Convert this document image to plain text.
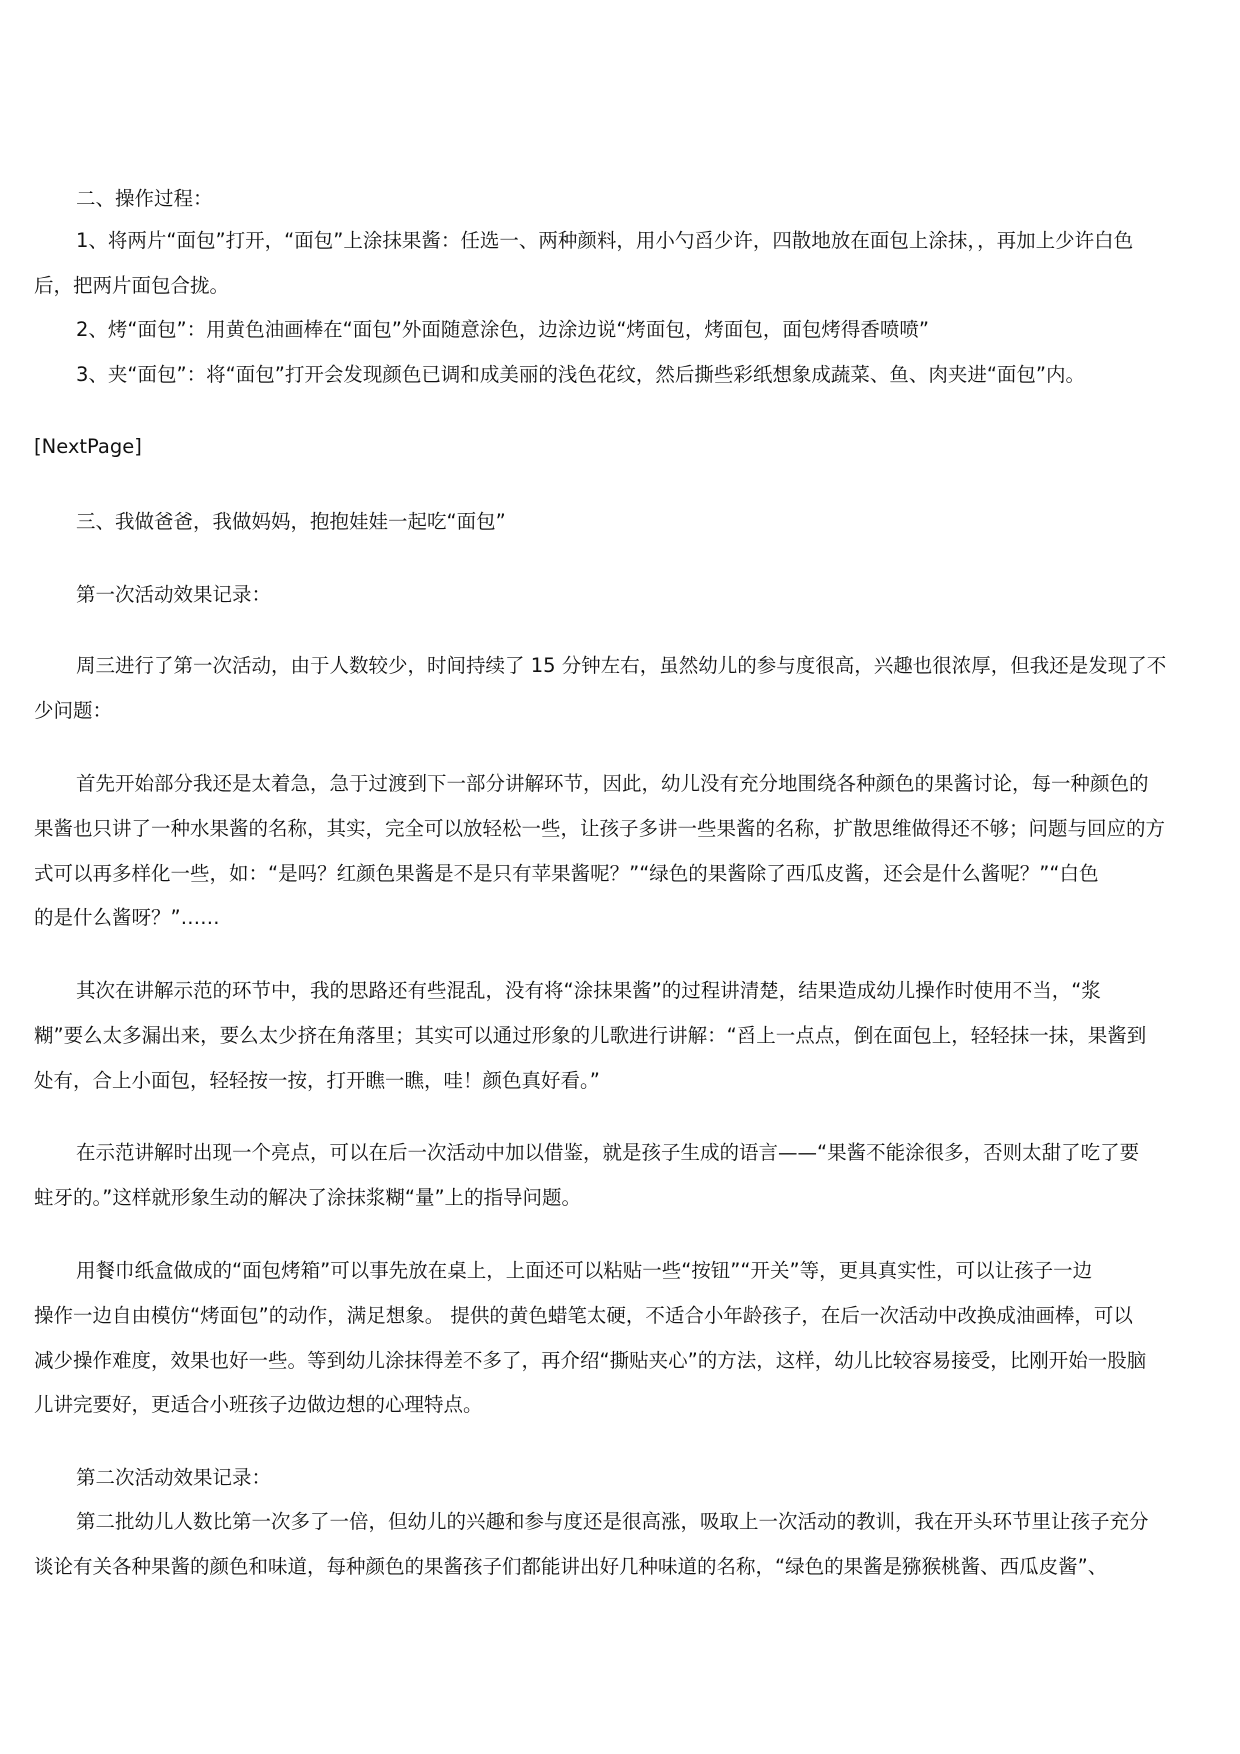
二、操作过程：
1、将两片“面包”打开，“面包”上涂抹果酱：任选一、两种颜料，用小勺舀少许，四散地放在面包上涂抹，，再加上少许白色
后，把两片面包合拢。
2、烤“面包”：用黄色油画棒在“面包”外面随意涂色，边涂边说“烤面包，烤面包，面包烤得香喷喷”
3、夹“面包”：将“面包”打开会发现颜色已调和成美丽的浅色花纹，然后撕些彩纸想象成蔬菜、鱼、肉夹进“面包”内。
[NextPage]
三、我做爸爸，我做妈妈，抱抱娃娃一起吃“面包”
第一次活动效果记录：
周三进行了第一次活动，由于人数较少，时间持续了 15 分钟左右，虽然幼儿的参与度很高，兴趣也很浓厚，但我还是发现了不
少问题：
首先开始部分我还是太着急，急于过渡到下一部分讲解环节，因此，幼儿没有充分地围绕各种颜色的果酱讨论，每一种颜色的
果酱也只讲了一种水果酱的名称，其实，完全可以放轻松一些，让孩子多讲一些果酱的名称，扩散思维做得还不够；问题与回应的方
式可以再多样化一些，如：“是吗？红颜色果酱是不是只有苹果酱呢？”“绿色的果酱除了西瓜皮酱，还会是什么酱呢？”“白色
的是什么酱呀？”……
其次在讲解示范的环节中，我的思路还有些混乱，没有将“涂抹果酱”的过程讲清楚，结果造成幼儿操作时使用不当，“浆
糊”要么太多漏出来，要么太少挤在角落里；其实可以通过形象的儿歌进行讲解：“舀上一点点，倒在面包上，轻轻抹一抹，果酱到
处有，合上小面包，轻轻按一按，打开瞧一瞧，哇！颜色真好看。”
在示范讲解时出现一个亮点，可以在后一次活动中加以借鉴，就是孩子生成的语言——“果酱不能涂很多，否则太甜了吃了要
蛀牙的。”这样就形象生动的解决了涂抹浆糊“量”上的指导问题。
用餐巾纸盒做成的“面包烤箱”可以事先放在桌上，上面还可以粘贴一些“按钮”“开关”等，更具真实性，可以让孩子一边
操作一边自由模仿“烤面包”的动作，满足想象。 提供的黄色蜡笔太硬，不适合小年龄孩子，在后一次活动中改换成油画棒，可以
减少操作难度，效果也好一些。等到幼儿涂抹得差不多了，再介绍“撕贴夹心”的方法，这样，幼儿比较容易接受，比刚开始一股脑
儿讲完要好，更适合小班孩子边做边想的心理特点。
第二次活动效果记录：
第二批幼儿人数比第一次多了一倍，但幼儿的兴趣和参与度还是很高涨，吸取上一次活动的教训，我在开头环节里让孩子充分
谈论有关各种果酱的颜色和味道，每种颜色的果酱孩子们都能讲出好几种味道的名称，“绿色的果酱是猕猴桃酱、西瓜皮酱”、
